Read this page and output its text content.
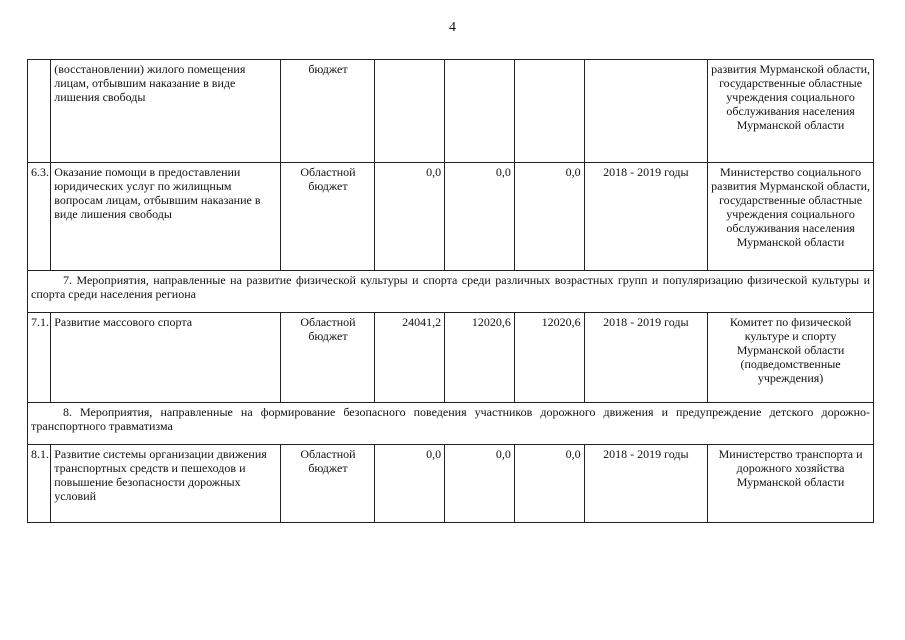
4
	(восстановлении) жилого помещения лицам, отбывшим наказание в виде лишения свободы	бюджет					развития Мурманской области, государственные областные учреждения социального обслуживания населения Мурманской области
6.3.	Оказание помощи в предоставлении юридических услуг по жилищным вопросам лицам, отбывшим наказание в виде лишения свободы	Областной бюджет	0,0	0,0	0,0	2018 - 2019 годы	Министерство социального развития Мурманской области, государственные областные учреждения социального обслуживания населения Мурманской области
7. Мероприятия, направленные на развитие физической культуры и спорта среди различных возрастных групп и популяризацию физической культуры и спорта среди населения региона							
7.1.	Развитие массового спорта	Областной бюджет	24041,2	12020,6	12020,6	2018 - 2019 годы	Комитет по физической культуре и спорту Мурманской области (подведомственные учреждения)
8. Мероприятия, направленные на формирование безопасного поведения участников дорожного движения и предупреждение детского дорожно-транспортного травматизма							
8.1.	Развитие системы организации движения транспортных средств и пешеходов и повышение безопасности дорожных условий	Областной бюджет	0,0	0,0	0,0	2018 - 2019 годы	Министерство транспорта и дорожного хозяйства Мурманской области
